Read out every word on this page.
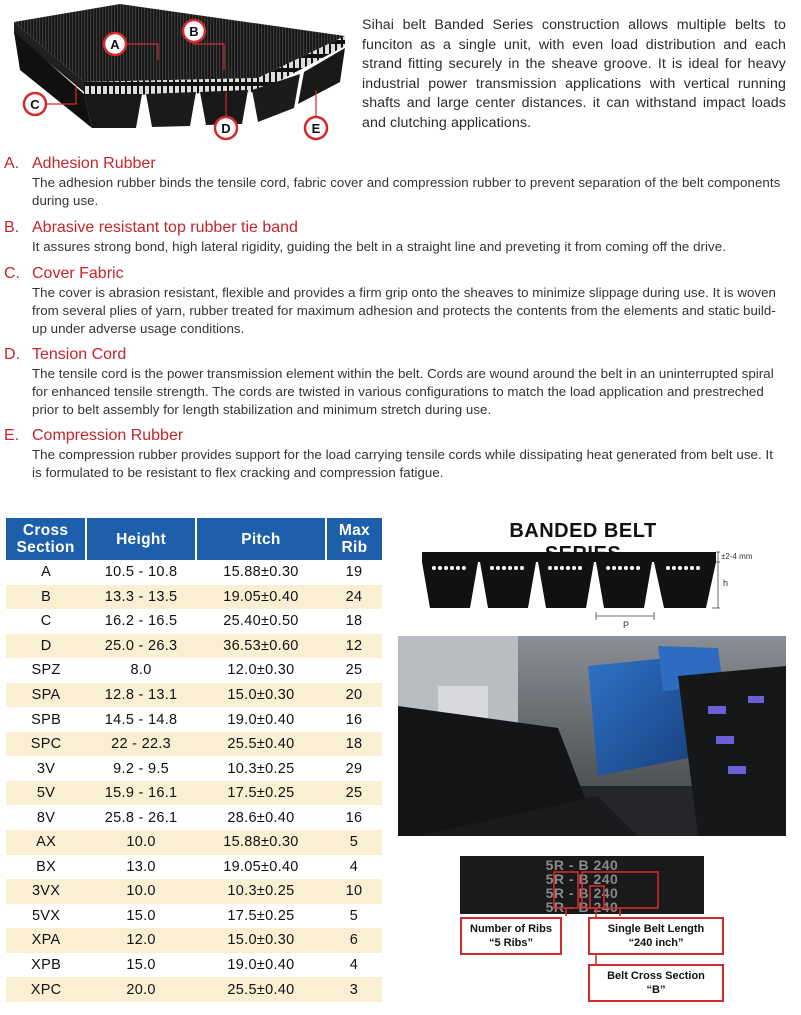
A
B
C
D	E
Sihai belt Banded Series construction allows multiple belts to funciton as a single unit, with even load distribution and each strand fitting securely in the sheave groove. It is ideal for heavy industrial power transmission applications with vertical running shafts and large center distances. it can withstand impact loads and clutching applications.
A. Adhesion Rubber
The adhesion rubber binds the tensile cord, fabric cover and compression rubber to prevent separation of the belt components during use.
B. Abrasive resistant top rubber tie band
It assures strong bond, high lateral rigidity, guiding the belt in a straight line and preveting it from coming off the drive.
C. Cover Fabric
The cover is abrasion resistant, flexible and provides a firm grip onto the sheaves to minimize slippage during use. It is woven from several plies of yarn, rubber treated for maximum adhesion and protects the contents from the elements and static build-up under adverse usage conditions.
D. Tension Cord
The tensile cord is the power transmission element within the belt. Cords are wound around the belt in an uninterrupted spiral for enhanced tensile strength. The cords are twisted in various configurations to match the load application and prestreched prior to belt assembly for length stabilization and minimum stretch during use.
E. Compression Rubber
The compression rubber provides support for the load carrying tensile cords while dissipating heat generated from belt use. It is formulated to be resistant to flex cracking and compression fatigue.
Cross
Section	Height	Pitch	Max
Rib
A	10.5 - 10.8	15.88±0.30	19
B	13.3 - 13.5	19.05±0.40	24
C	16.2 - 16.5	25.40±0.50	18
D	25.0 - 26.3	36.53±0.60	12
SPZ	8.0	12.0±0.30	25
SPA	12.8 - 13.1	15.0±0.30	20
SPB	14.5 - 14.8	19.0±0.40	16
SPC	22 - 22.3	25.5±0.40	18
3V	9.2 - 9.5	10.3±0.25	29
5V	15.9 - 16.1	17.5±0.25	25
8V	25.8 - 26.1	28.6±0.40	16
AX	10.0	15.88±0.30	5
BX	13.0	19.05±0.40	4
3VX	10.0	10.3±0.25	10
5VX	15.0	17.5±0.25	5
XPA	12.0	15.0±0.30	6
XPB	15.0	19.0±0.40	4
XPC	20.0	25.5±0.40	3
BANDED BELT
±2-4 mm
h
P
5R - B 240
5R - B 240
5R - B 240
5R - B 240
Number of Ribs
“5 Ribs”
Single Belt Length
“240 inch”
Belt Cross Section
“B”
